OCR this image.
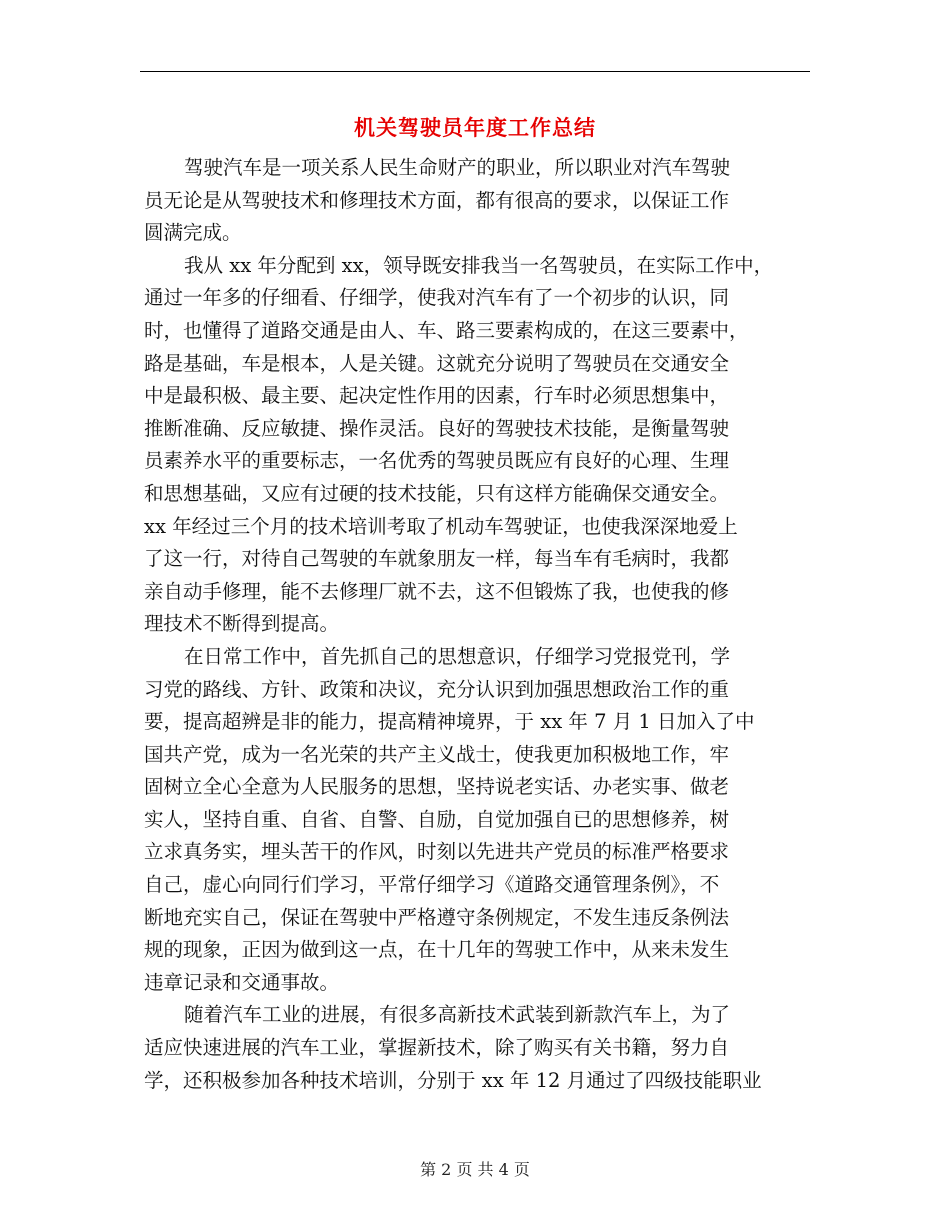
机关驾驶员年度工作总结
驾驶汽车是一项关系人民生命财产的职业，所以职业对汽车驾驶
员无论是从驾驶技术和修理技术方面，都有很高的要求，以保证工作
圆满完成。
我从 xx 年分配到 xx，领导既安排我当一名驾驶员，在实际工作中，
通过一年多的仔细看、仔细学，使我对汽车有了一个初步的认识，同
时，也懂得了道路交通是由人、车、路三要素构成的，在这三要素中，
路是基础，车是根本，人是关键。这就充分说明了驾驶员在交通安全
中是最积极、最主要、起决定性作用的因素，行车时必须思想集中，
推断准确、反应敏捷、操作灵活。良好的驾驶技术技能，是衡量驾驶
员素养水平的重要标志，一名优秀的驾驶员既应有良好的心理、生理
和思想基础，又应有过硬的技术技能，只有这样方能确保交通安全。
xx 年经过三个月的技术培训考取了机动车驾驶证，也使我深深地爱上
了这一行，对待自己驾驶的车就象朋友一样，每当车有毛病时，我都
亲自动手修理，能不去修理厂就不去，这不但锻炼了我，也使我的修
理技术不断得到提高。
在日常工作中，首先抓自己的思想意识，仔细学习党报党刊，学
习党的路线、方针、政策和决议，充分认识到加强思想政治工作的重
要，提高超辨是非的能力，提高精神境界，于 xx 年 7 月 1 日加入了中
国共产党，成为一名光荣的共产主义战士，使我更加积极地工作，牢
固树立全心全意为人民服务的思想，坚持说老实话、办老实事、做老
实人，坚持自重、自省、自警、自励，自觉加强自已的思想修养，树
立求真务实，埋头苦干的作风，时刻以先进共产党员的标准严格要求
自己，虚心向同行们学习，平常仔细学习《道路交通管理条例》，不
断地充实自己，保证在驾驶中严格遵守条例规定，不发生违反条例法
规的现象，正因为做到这一点，在十几年的驾驶工作中，从来未发生
违章记录和交通事故。
随着汽车工业的进展，有很多高新技术武装到新款汽车上，为了
适应快速进展的汽车工业，掌握新技术，除了购买有关书籍，努力自
学，还积极参加各种技术培训，分别于 xx 年 12 月通过了四级技能职业
第 2 页 共 4 页
